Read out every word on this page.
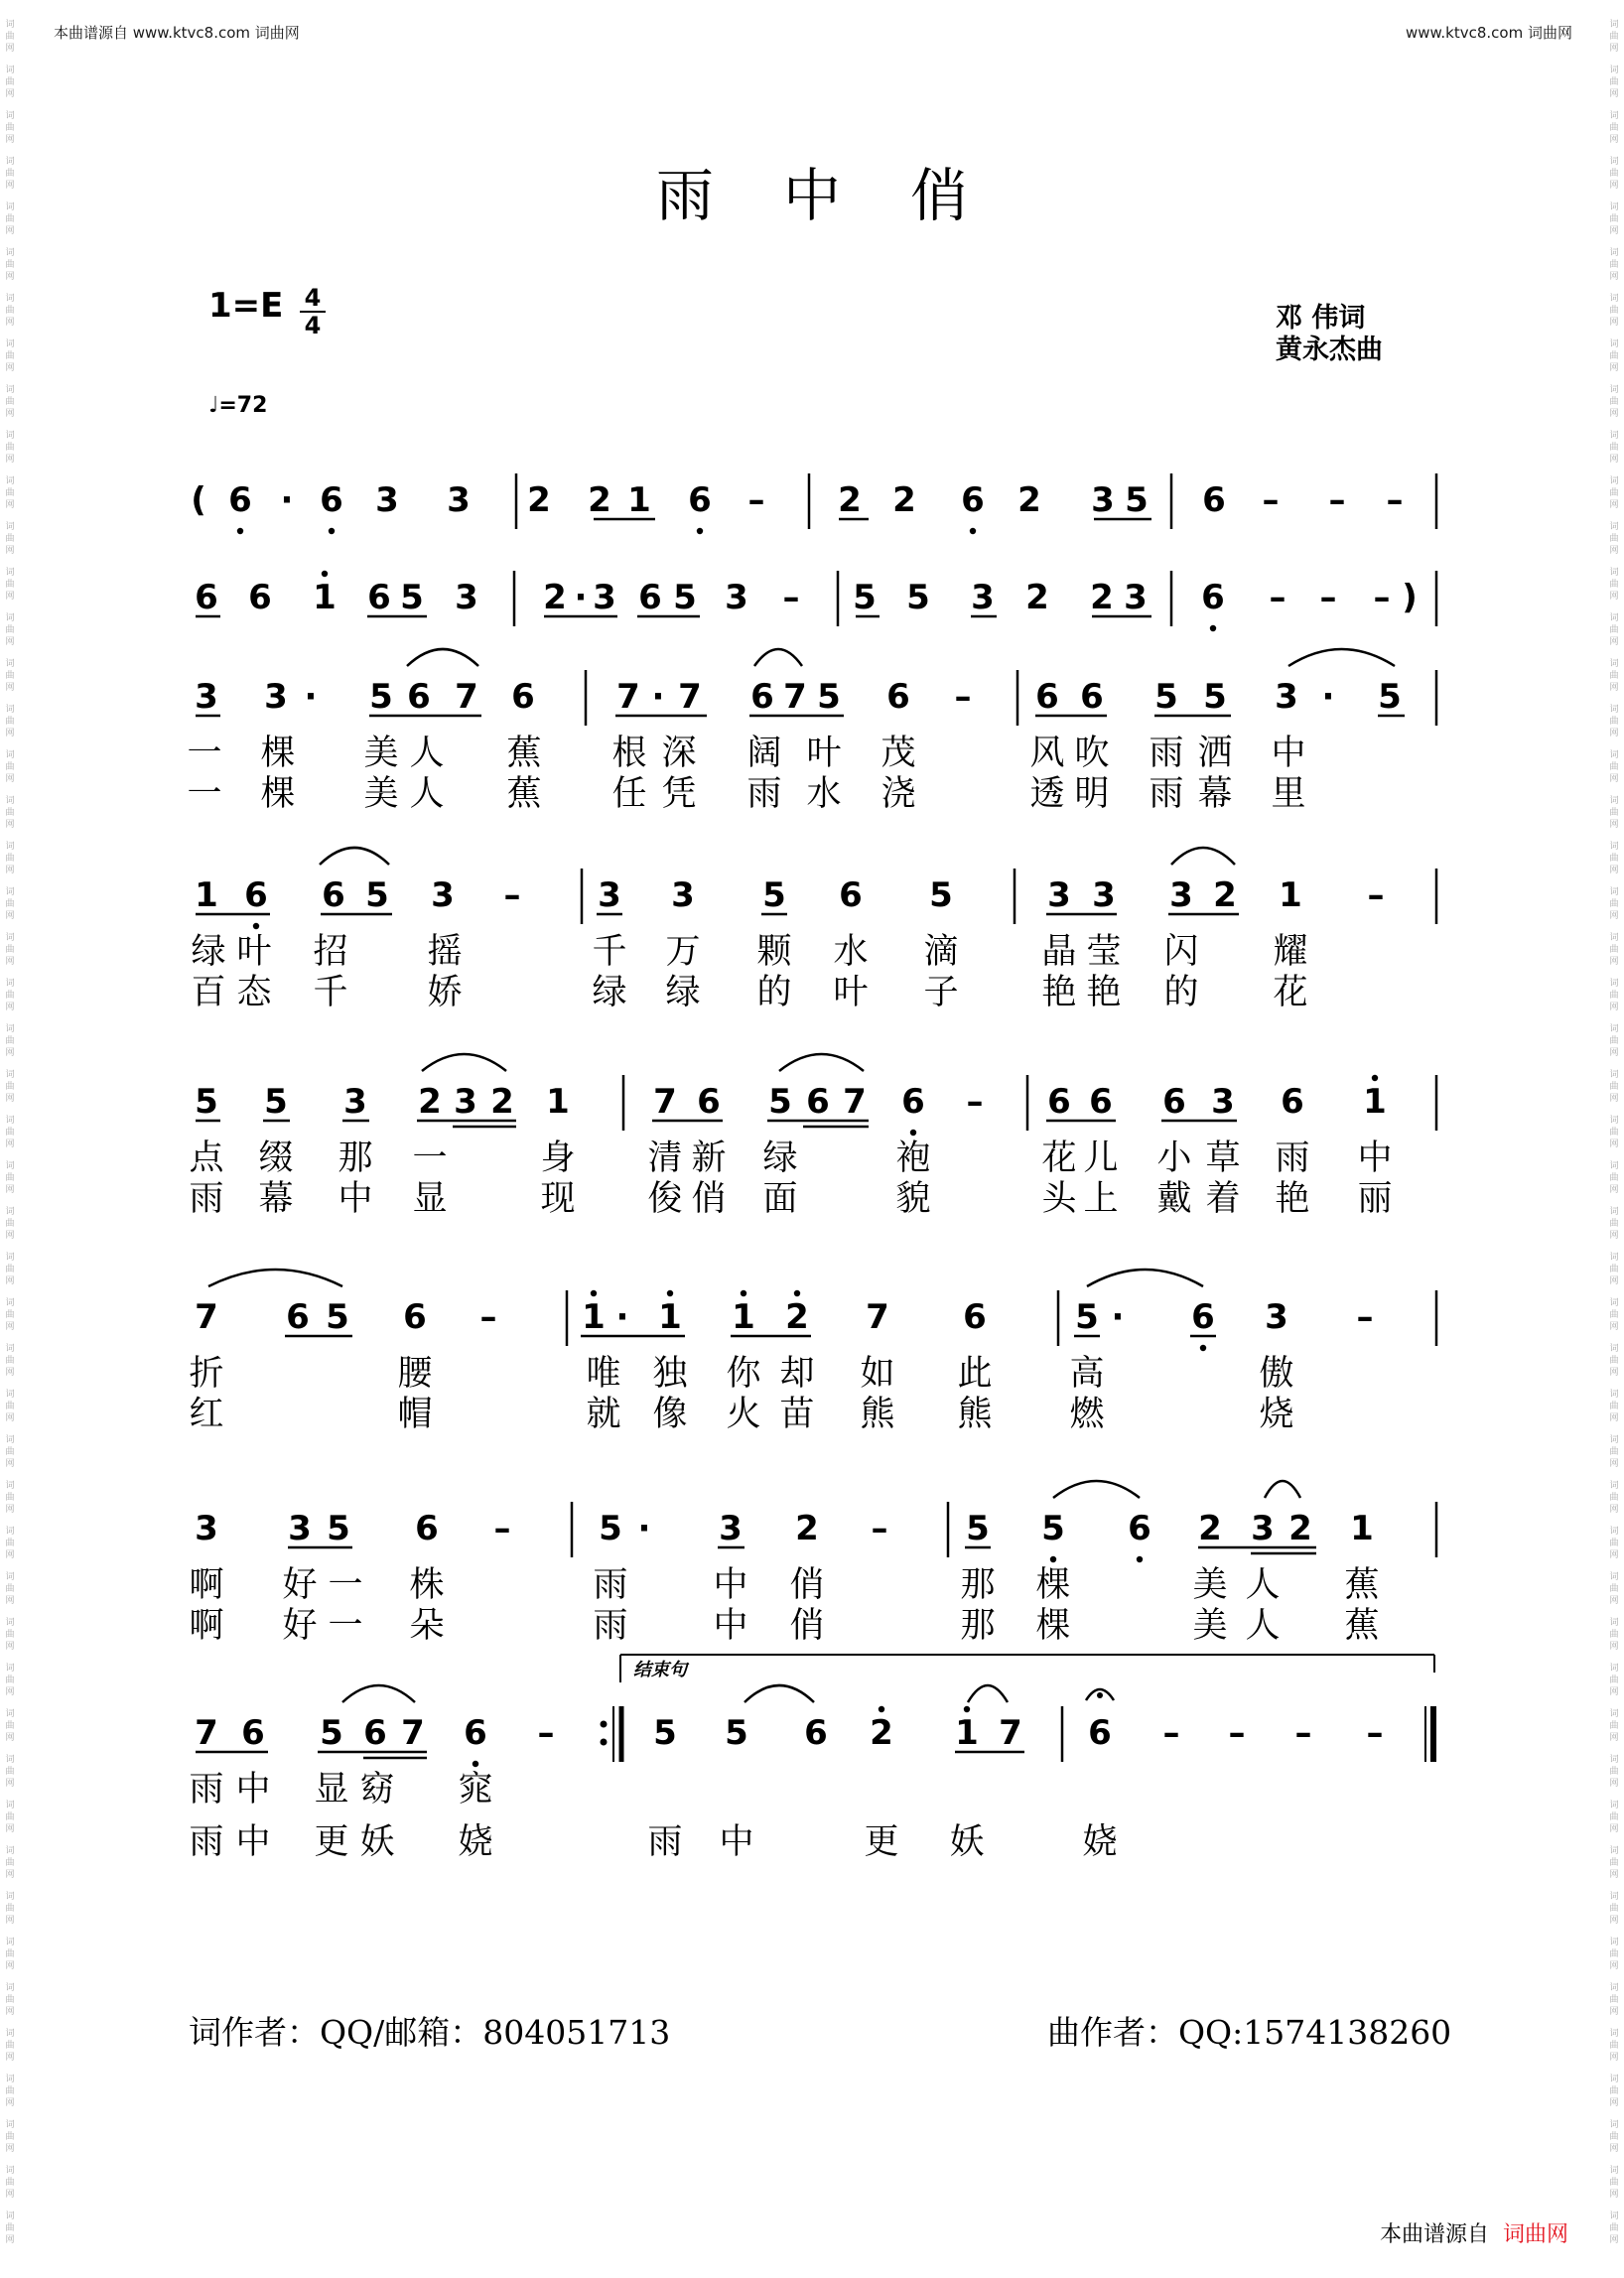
本曲谱源自 www.ktvc8.com 词曲网	www.ktvc8.com 词曲网
词
曲
网
词
曲
网
词
曲
网
词
曲
网
词
曲
网
词
曲
网
词
曲
网
词
曲
网
词
曲
网
词
曲
网
词
曲
网
词
曲
网
词
曲
网
词
曲
网
词
曲
网
词
曲
网
词
曲
网
词
曲
网
词
曲
网
词
曲
网
词
曲
网
词
曲
网
词
曲
网
词
曲
网
词
曲
网
词
曲
网
词
曲
网
词
曲
网
词
曲
网
词
曲
网
词
曲
网
词
曲
网
词
曲
网
词
曲
网
词
曲
网
词
曲
网
词
曲
网
词
曲
网
词
曲
网
词
曲
网
词
曲
网
词
曲
网
词
曲
网
词
曲
网
词
曲
网
词
曲
网
词
曲
网
词
曲
网
词
曲
网
词
曲
网
词
曲
网
词
曲
网
词
曲
网
词
曲
网
词
曲
网
词
曲
网
词
曲
网
词
曲
网
词
曲
网
词
曲
网
词
曲
网
词
曲
网
词
曲
网
词
曲
网
词
曲
网
词
曲
网
词
曲
网
词
曲
网
词
曲
网
词
曲
网
词
曲
网
词
曲
网
词
曲
网
词
曲
网
词
曲
网
词
曲
网
词
曲
网
词
曲
网
词
曲
网
词
曲
网
词
曲
网
词
曲
网
词
曲
网
词
曲
网
词
曲
网
词
曲
网
词
曲
网
词
曲
网
词
曲
网
词
曲
网
词
曲
网
词
曲
网
词
曲
网
词
曲
网
词
曲
网
词
曲
网
词
曲
网
词
曲
网
雨中俏
1=E 4
4	邓 伟词
黄永杰曲
♩=72
( 6 · 6 3 3 2 2 1 6 – 2 2 6 2 3 5 6 – – –
6 6 1 6 5 3 2 · 3 6 5 3 – 5 5 3 2 2 3 6 – – – )
3 3 · 5 6 7 6 7 · 7 6 7 5 6 – 6 6 5 5 3 · 5
一 棵 美 人 蕉 根 深 阔 叶 茂	风 吹 雨 洒 中
一 棵 美 人 蕉 任 凭 雨 水 浇	透 明 雨 幕 里
1 6 6 5 3 – 3 3 5 6 5	3 3 3 2 1 –
绿 叶 招 摇	千 万 颗 水 滴 晶 莹 闪 耀
百 态 千 娇	绿 绿 的 叶 子 艳 艳 的 花
5 5 3 2 3 2 1 7 6 5 6 7 6 – 6 6 6 3 6 1
点 缀 那 一	身 清 新 绿	袍	花 儿 小 草 雨 中
雨 幕 中 显	现 俊 俏 面	貌	头 上 戴 着 艳 丽
7 6 5 6 –	1 · 1 1 2 7 6	5 · 6 3 –
折	腰	唯 独 你 却 如 此 高	傲
红	帽	就 像 火 苗 熊 熊 燃	烧
3 3 5 6 –	5 · 3 2 – 5 5 6 2 3 2 1
啊 好 一 株	雨 中 俏	那 棵	美 人 蕉
啊 好 一 朵	雨 中 俏	那 棵	美 人 蕉
7 6 5 6 7 6 –	5 5 6 2 1 7 6 – – – –
雨 中 显 窈 窕
雨 中 更 妖 娆	雨 中	更 妖	娆
结束句
词作者：QQ/邮箱：804051713	曲作者：QQ:1574138260
本曲谱源自 词曲网
